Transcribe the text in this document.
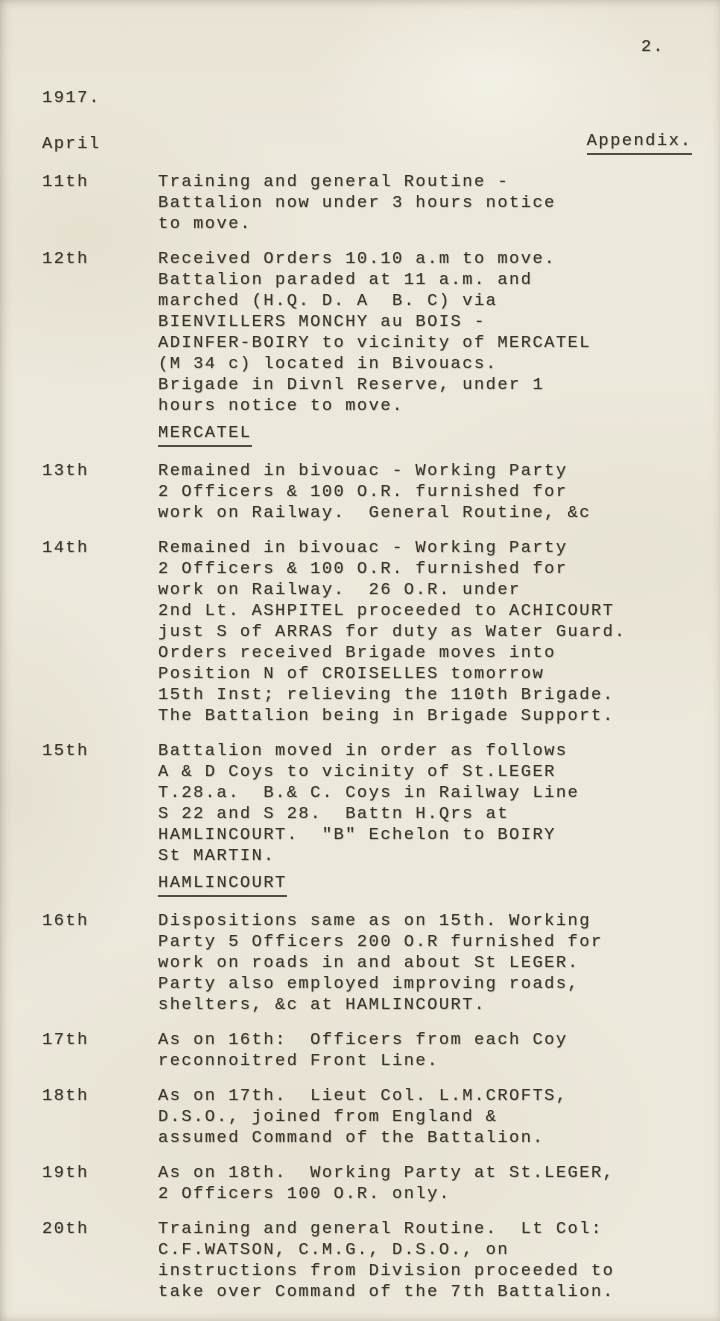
2.
1917.
April	Appendix.
11th	Training and general Routine -
Battalion now under 3 hours notice
to move.
12th	Received Orders 10.10 a.m to move.
Battalion paraded at 11 a.m. and
marched (H.Q. D. A  B. C) via
BIENVILLERS MONCHY au BOIS -
ADINFER-BOIRY to vicinity of MERCATEL
(M 34 c) located in Bivouacs.
Brigade in Divnl Reserve, under 1
hours notice to move.
MERCATEL
13th	Remained in bivouac - Working Party
2 Officers & 100 O.R. furnished for
work on Railway.  General Routine, &c
14th	Remained in bivouac - Working Party
2 Officers & 100 O.R. furnished for
work on Railway.  26 O.R. under
2nd Lt. ASHPITEL proceeded to ACHICOURT
just S of ARRAS for duty as Water Guard.
Orders received Brigade moves into
Position N of CROISELLES tomorrow
15th Inst; relieving the 110th Brigade.
The Battalion being in Brigade Support.
15th	Battalion moved in order as follows
A & D Coys to vicinity of St.LEGER
T.28.a.  B.& C. Coys in Railway Line
S 22 and S 28.  Battn H.Qrs at
HAMLINCOURT.  "B" Echelon to BOIRY
St MARTIN.
HAMLINCOURT
16th	Dispositions same as on 15th. Working
Party 5 Officers 200 O.R furnished for
work on roads in and about St LEGER.
Party also employed improving roads,
shelters, &c at HAMLINCOURT.
17th	As on 16th:  Officers from each Coy
reconnoitred Front Line.
18th	As on 17th.  Lieut Col. L.M.CROFTS,
D.S.O., joined from England &
assumed Command of the Battalion.
19th	As on 18th.  Working Party at St.LEGER,
2 Officers 100 O.R. only.
20th	Training and general Routine.  Lt Col:
C.F.WATSON, C.M.G., D.S.O., on
instructions from Division proceeded to
take over Command of the 7th Battalion.
